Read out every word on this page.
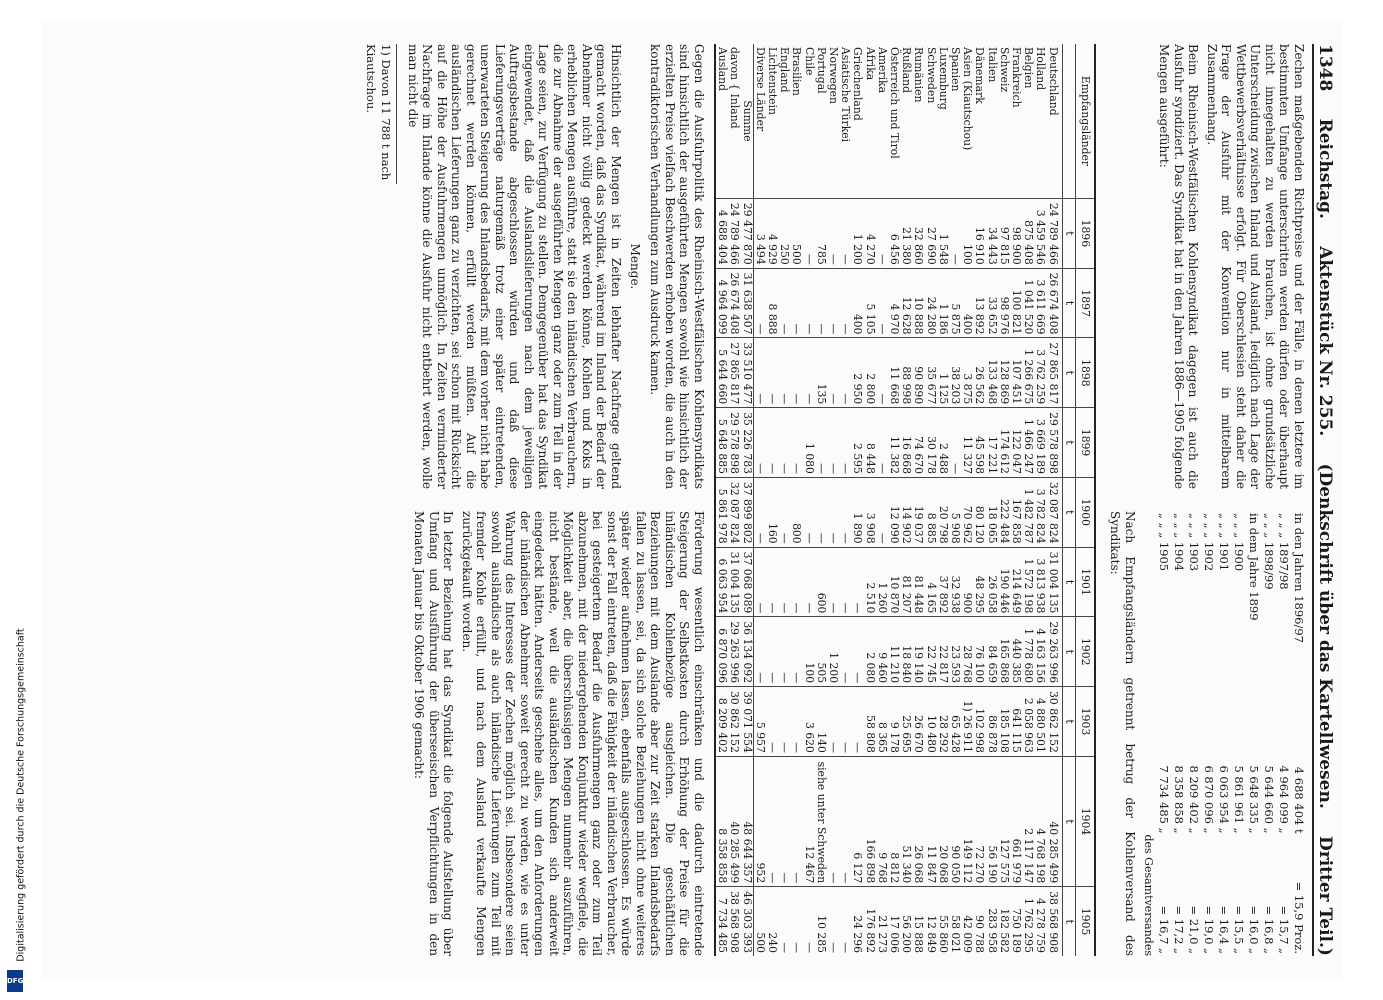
Digitalisierung gefördert durch die Deutsche Forschungsgemeinschaft
DFG
1348
Reichstag.
Aktenstück Nr. 255.
(Denkschrift über das Kartellwesen.
Dritter Teil.)

Zechen maßgebenden Richtpreise und der Fälle, in denen letztere im bestimmten Umfange unterschritten werden dürfen oder überhaupt nicht innegehalten zu werden brauchen, ist ohne grundsätzliche Unterscheidung zwischen Inland und Ausland, lediglich nach Lage der Wettbewerbsverhältnisse erfolgt. Für Oberschlesien steht daher die Frage der Ausfuhr mit der Konvention nur in mittelbarem Zusammenhang.

Beim Rheinisch-Westfälischen Kohlensyndikat dagegen ist auch die Ausfuhr syndiziert. Das Syndikat hat in den Jahren 1886—1905 folgende Mengen ausgeführt:

in den Jahren 1896/97	4 688 404 t	= 15,9 Proz.
„ „ „ 1897/98	4 964 099 „	= 15,7 „
„ „ „ 1898/99	5 644 660 „	= 16,8 „
in dem Jahre 1899	5 648 335 „	= 16,0 „
„ „ „ 1900	5 861 961 „	= 15,5 „
„ „ „ 1901	6 063 954 „	= 16,4 „
„ „ „ 1902	6 870 096 „	= 19,0 „
„ „ „ 1903	8 209 402 „	= 21,0 „
„ „ „ 1904	8 358 858 „	= 17,2 „
„ „ „ 1905	7 734 485 „	= 16,7 „
des Gesamtversandes

Nach Empfangsländern getrennt betrug der Kohlenversand des Syndikats:

Empfangsländer	1896	1897	1898	1899	1900	1901	1902	1903	1904	1905
	t	t	t	t	t	t	t	t	t	t
Deutschland	24 789 466	26 674 408	27 865 817	29 578 898	32 087 824	31 004 135	29 263 996	30 862 152	40 285 499	38 568 908
Holland	3 459 546	3 611 669	3 762 259	3 669 189	3 782 824	3 813 938	4 163 156	4 880 501	4 768 198	4 278 759
Belgien	875 408	1 041 520	1 266 675	1 466 247	1 482 787	1 572 198	1 778 680	2 058 963	2 117 147	1 762 295
Frankreich	98 900	100 821	107 451	122 047	167 858	214 649	440 385	641 115	661 979	750 189
Schweiz	97 815	98 976	128 869	174 612	222 484	190 446	165 868	185 108	127 575	182 582
Italien	34 443	33 652	133 468	17 221	18 065	26 058	84 659	86 878	56 190	283 958
Dänemark	16 910	13 892	26 562	45 598	80 120	48 295	76 100	102 998	72 270	90 788
Asien (Kiautschou)	100	400	3 875	11 327	70 962	900	28 768	1) 26 911	149 112	42 009
Spanien	—	5 875	38 203	—	5 908	32 938	23 593	65 428	90 050	58 021
Luxemburg	1 548	1 186	1 125	2 488	20 798	37 892	22 817	28 292	20 068	55 860
Schweden	27 690	24 280	35 677	30 178	8 885	4 165	22 745	10 480	11 847	12 849
Rumänien	32 860	10 888	90 890	74 670	19 037	81 448	19 140	26 670	26 068	15 888
Rußland	21 380	12 628	88 998	16 868	14 902	81 207	18 840	25 695	51 340	56 200
Österreich und Tirol	6 456	4 970	11 668	11 382	12 090	10 870	11 210	9 178	8 812	17 006
Amerika	—	—	—	—	—	1 260	9 460	8 365	9 768	21 273
Afrika	4 270	5 105	2 800	8 448	3 908	2 510	2 080	58 808	166 898	176 892
Griechenland	1 200	400	2 950	2 595	1 890	—	—	—	6 127	24 296
Asiatische Türkei	—	—	—	—	—	—	—	—	—	—
Norwegen	—	—	—	—	—	—	1 200	—	—	—
Portugal	785	—	135	—	—	600	505	140	siehe unter Schweden	10 285
Chile	—	—	—	1 080	—	—	100	3 620	12 467	—
Brasilien	500	—	—	—	800	—	—	—	—	—
England	250	—	—	—	—	—	—	—	—	—
Lichtenstein	4 929	8 888	—	—	160	—	—	—	—	240
Diverse Länder	3 494	—	—	—	—	—	—	5 957	952	500
Summe	29 477 870	31 638 507	33 510 477	35 226 783	37 899 802	37 068 089	36 134 092	39 071 554	48 644 357	46 303 393
davon { Inland	24 789 466	26 674 408	27 865 817	29 578 898	32 087 824	31 004 135	29 263 996	30 862 152	40 285 499	38 568 908
Ausland	4 688 404	4 964 099	5 644 660	5 648 885	5 861 978	6 063 954	6 870 096	8 209 402	8 358 858	7 734 485

Gegen die Ausfuhrpolitik des Rheinisch-Westfälischen Kohlensyndikats sind hinsichtlich der ausgeführten Mengen sowohl wie hinsichtlich der erzielten Preise vielfach Beschwerden erhoben worden, die auch in den kontradiktorischen Verhandlungen zum Ausdruck kamen.

Menge.

Hinsichtlich der Mengen ist in Zeiten lebhafter Nachfrage geltend gemacht worden, daß das Syndikat, während im Inland der Bedarf der Abnehmer nicht völlig gedeckt werden könne, Kohlen und Koks in erheblichen Mengen ausführe, statt sie den inländischen Verbrauchern, die zur Abnahme der ausgeführten Mengen ganz oder zum Teil in der Lage seien, zur Verfügung zu stellen. Demgegenüber hat das Syndikat eingewendet, daß die Auslandslieferungen nach dem jeweiligen Auftragsbestande abgeschlossen würden und daß diese Lieferungsverträge naturgemäß trotz einer später eintretenden, unerwarteten Steigerung des Inlandsbedarfs, mit dem vorher nicht habe gerechnet werden können, erfüllt werden müßten. Auf die ausländischen Lieferungen ganz zu verzichten, sei schon mit Rücksicht auf die Höhe der Ausfuhrmengen unmöglich. In Zeiten verminderter Nachfrage im Inlande könne die Ausfuhr nicht entbehrt werden, wolle man nicht die

1) Davon 11 788 t nach Kiautschou.

Förderung wesentlich einschränken und die dadurch eintretende Steigerung der Selbstkosten durch Erhöhung der Preise für die inländischen Kohlenbezüge ausgleichen. Die geschäftlichen Beziehungen mit dem Auslande aber zur Zeit starken Inlandsbedarfs fallen zu lassen, sei, da sich solche Beziehungen nicht ohne weiteres später wieder aufnehmen lassen, ebenfalls ausgeschlossen. Es würde sonst der Fall eintreten, daß die Fähigkeit der inländischen Verbraucher, bei gesteigertem Bedarf die Ausfuhrmengen ganz oder zum Teil abzunehmen, mit der niedergehenden Konjunktur wieder wegfiele, die Möglichkeit aber, die überschüssigen Mengen nunmehr auszuführen, nicht bestände, weil die ausländischen Kunden sich anderweit eingedeckt hätten. Anderseits geschehe alles, um den Anforderungen der inländischen Abnehmer soweit gerecht zu werden, wie es unter Wahrung des Interesses der Zechen möglich sei. Insbesondere seien sowohl ausländische als auch inländische Lieferungen zum Teil mit fremder Kohle erfüllt, und nach dem Ausland verkaufte Mengen zurückgekauft worden.

In letzter Beziehung hat das Syndikat die folgende Aufstellung über Umfang und Ausführung der überseeischen Verpflichtungen in den Monaten Januar bis Oktober 1906 gemacht:
